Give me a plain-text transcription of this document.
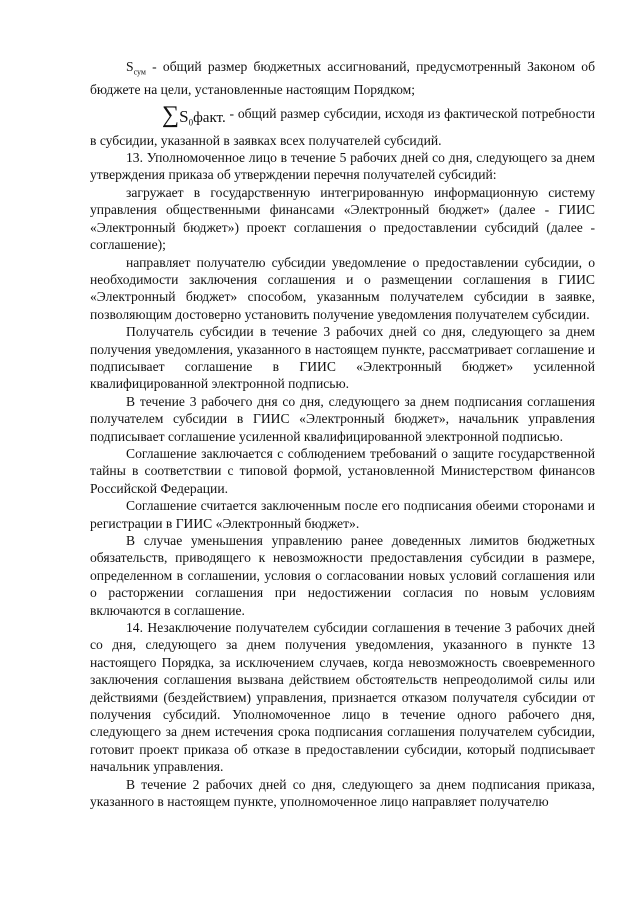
$S_{сум}$ - общий размер бюджетных ассигнований, предусмотренный Законом об бюджете на цели, установленные настоящим Порядком;

$\sum S_0факт$. - общий размер субсидии, исходя из фактической потребности в субсидии, указанной в заявках всех получателей субсидий.

13. Уполномоченное лицо в течение 5 рабочих дней со дня, следующего за днем утверждения приказа об утверждении перечня получателей субсидий:

загружает в государственную интегрированную информационную систему управления общественными финансами «Электронный бюджет» (далее - ГИИС «Электронный бюджет») проект соглашения о предоставлении субсидий (далее - соглашение);

направляет получателю субсидии уведомление о предоставлении субсидии, о необходимости заключения соглашения и о размещении соглашения в ГИИС «Электронный бюджет» способом, указанным получателем субсидии в заявке, позволяющим достоверно установить получение уведомления получателем субсидии.

Получатель субсидии в течение 3 рабочих дней со дня, следующего за днем получения уведомления, указанного в настоящем пункте, рассматривает соглашение и подписывает соглашение в ГИИС «Электронный бюджет» усиленной квалифицированной электронной подписью.

В течение 3 рабочего дня со дня, следующего за днем подписания соглашения получателем субсидии в ГИИС «Электронный бюджет», начальник управления подписывает соглашение усиленной квалифицированной электронной подписью.

Соглашение заключается с соблюдением требований о защите государственной тайны в соответствии с типовой формой, установленной Министерством финансов Российской Федерации.

Соглашение считается заключенным после его подписания обеими сторонами и регистрации в ГИИС «Электронный бюджет».

В случае уменьшения управлению ранее доведенных лимитов бюджетных обязательств, приводящего к невозможности предоставления субсидии в размере, определенном в соглашении, условия о согласовании новых условий соглашения или о расторжении соглашения при недостижении согласия по новым условиям включаются в соглашение.

14. Незаключение получателем субсидии соглашения в течение 3 рабочих дней со дня, следующего за днем получения уведомления, указанного в пункте 13 настоящего Порядка, за исключением случаев, когда невозможность своевременного заключения соглашения вызвана действием обстоятельств непреодолимой силы или действиями (бездействием) управления, признается отказом получателя субсидии от получения субсидий. Уполномоченное лицо в течение одного рабочего дня, следующего за днем истечения срока подписания соглашения получателем субсидии, готовит проект приказа об отказе в предоставлении субсидии, который подписывает начальник управления.

В течение 2 рабочих дней со дня, следующего за днем подписания приказа, указанного в настоящем пункте, уполномоченное лицо направляет получателю
